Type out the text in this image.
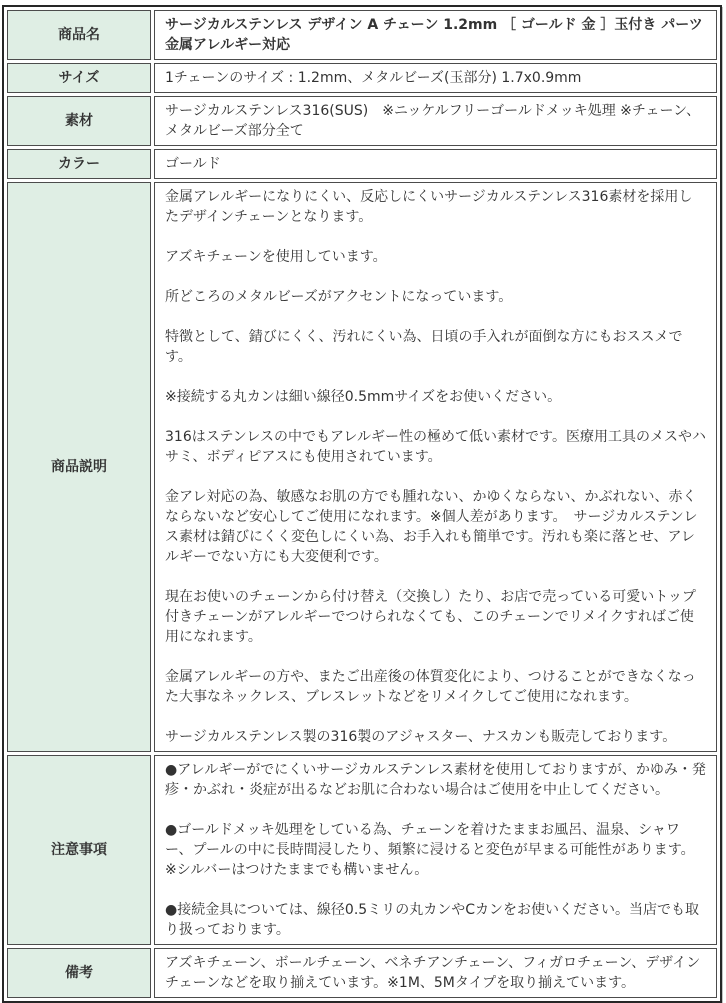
商品名	サージカルステンレス デザイン A チェーン 1.2mm ［ ゴールド 金 ］玉付き パーツ 金属アレルギー対応

サイズ	1チェーンのサイズ : 1.2mm、メタルビーズ(玉部分) 1.7x0.9mm

素材	サージカルステンレス316(SUS)　※ニッケルフリーゴールドメッキ処理 ※チェーン、メタルビーズ部分全て

カラー	ゴールド

商品説明	
金属アレルギーになりにくい、反応しにくいサージカルステンレス316素材を採用したデザインチェーンとなります。
アズキチェーンを使用しています。
所どころのメタルビーズがアクセントになっています。
特徴として、錆びにくく、汚れにくい為、日頃の手入れが面倒な方にもおススメです。
※接続する丸カンは細い線径0.5mmサイズをお使いください。
316はステンレスの中でもアレルギー性の極めて低い素材です。医療用工具のメスやハサミ、ボディピアスにも使用されています。
金アレ対応の為、敏感なお肌の方でも腫れない、かゆくならない、かぶれない、赤くならないなど安心してご使用になれます。※個人差があります。　サージカルステンレス素材は錆びにくく変色しにくい為、お手入れも簡単です。汚れも楽に落とせ、アレルギーでない方にも大変便利です。
現在お使いのチェーンから付け替え（交換し）たり、お店で売っている可愛いトップ付きチェーンがアレルギーでつけられなくても、このチェーンでリメイクすればご使用になれます。
金属アレルギーの方や、またご出産後の体質変化により、つけることができなくなった大事なネックレス、ブレスレットなどをリメイクしてご使用になれます。
サージカルステンレス製の316製のアジャスター、ナスカンも販売しております。

注意事項	●アレルギーがでにくいサージカルステンレス素材を使用しておりますが、かゆみ・発疹・かぶれ・炎症が出るなどお肌に合わない場合はご使用を中止してください。
●ゴールドメッキ処理をしている為、チェーンを着けたままお風呂、温泉、シャワー、プールの中に長時間浸したり、頻繁に浸けると変色が早まる可能性があります。※シルバーはつけたままでも構いません。
●接続金具については、線径0.5ミリの丸カンやCカンをお使いください。当店でも取り扱っております。

備考	アズキチェーン、ボールチェーン、ベネチアンチェーン、フィガロチェーン、デザインチェーンなどを取り揃えています。※1M、5Mタイプを取り揃えています。
